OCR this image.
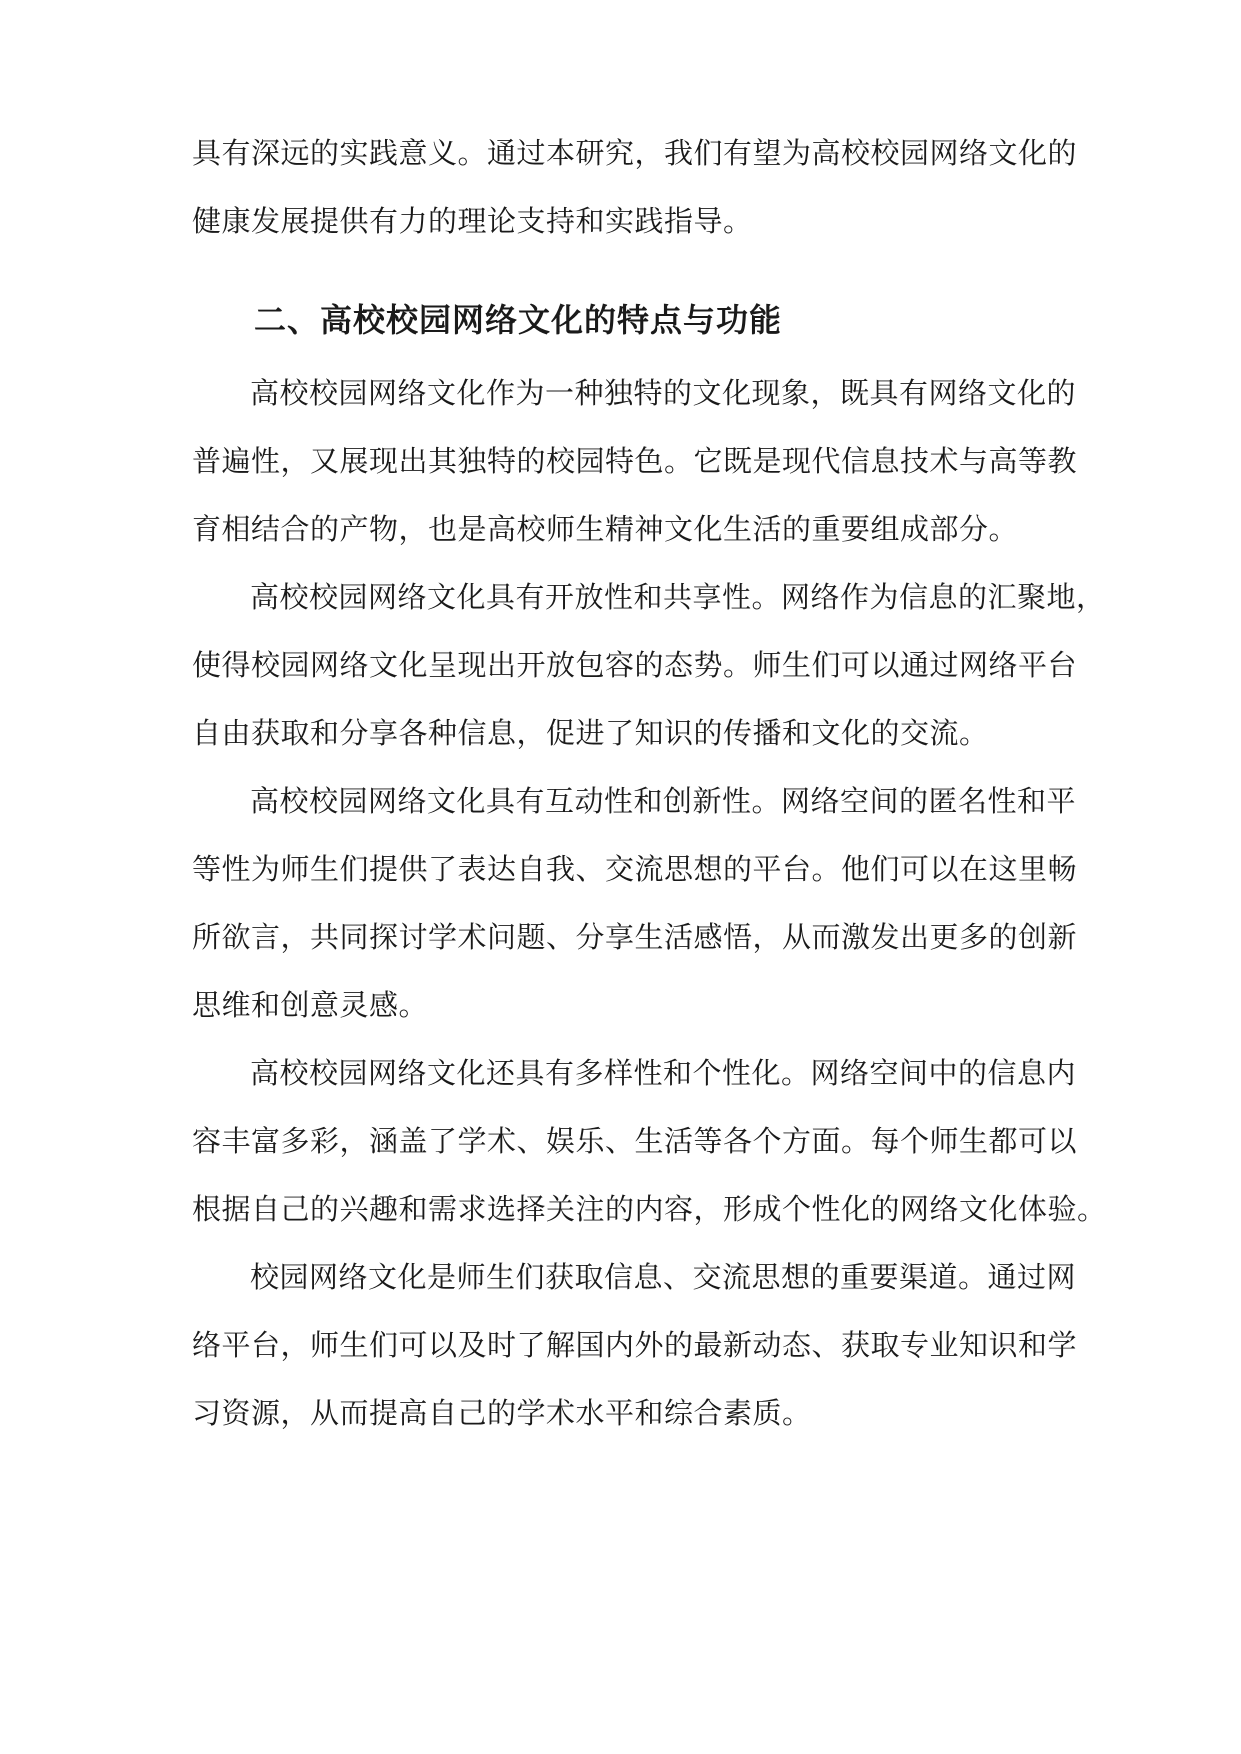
具有深远的实践意义。通过本研究，我们有望为高校校园网络文化的
健康发展提供有力的理论支持和实践指导。
二、高校校园网络文化的特点与功能
高校校园网络文化作为一种独特的文化现象，既具有网络文化的
普遍性，又展现出其独特的校园特色。它既是现代信息技术与高等教
育相结合的产物，也是高校师生精神文化生活的重要组成部分。
高校校园网络文化具有开放性和共享性。网络作为信息的汇聚地，
使得校园网络文化呈现出开放包容的态势。师生们可以通过网络平台
自由获取和分享各种信息，促进了知识的传播和文化的交流。
高校校园网络文化具有互动性和创新性。网络空间的匿名性和平
等性为师生们提供了表达自我、交流思想的平台。他们可以在这里畅
所欲言，共同探讨学术问题、分享生活感悟，从而激发出更多的创新
思维和创意灵感。
高校校园网络文化还具有多样性和个性化。网络空间中的信息内
容丰富多彩，涵盖了学术、娱乐、生活等各个方面。每个师生都可以
根据自己的兴趣和需求选择关注的内容，形成个性化的网络文化体验。
校园网络文化是师生们获取信息、交流思想的重要渠道。通过网
络平台，师生们可以及时了解国内外的最新动态、获取专业知识和学
习资源，从而提高自己的学术水平和综合素质。
